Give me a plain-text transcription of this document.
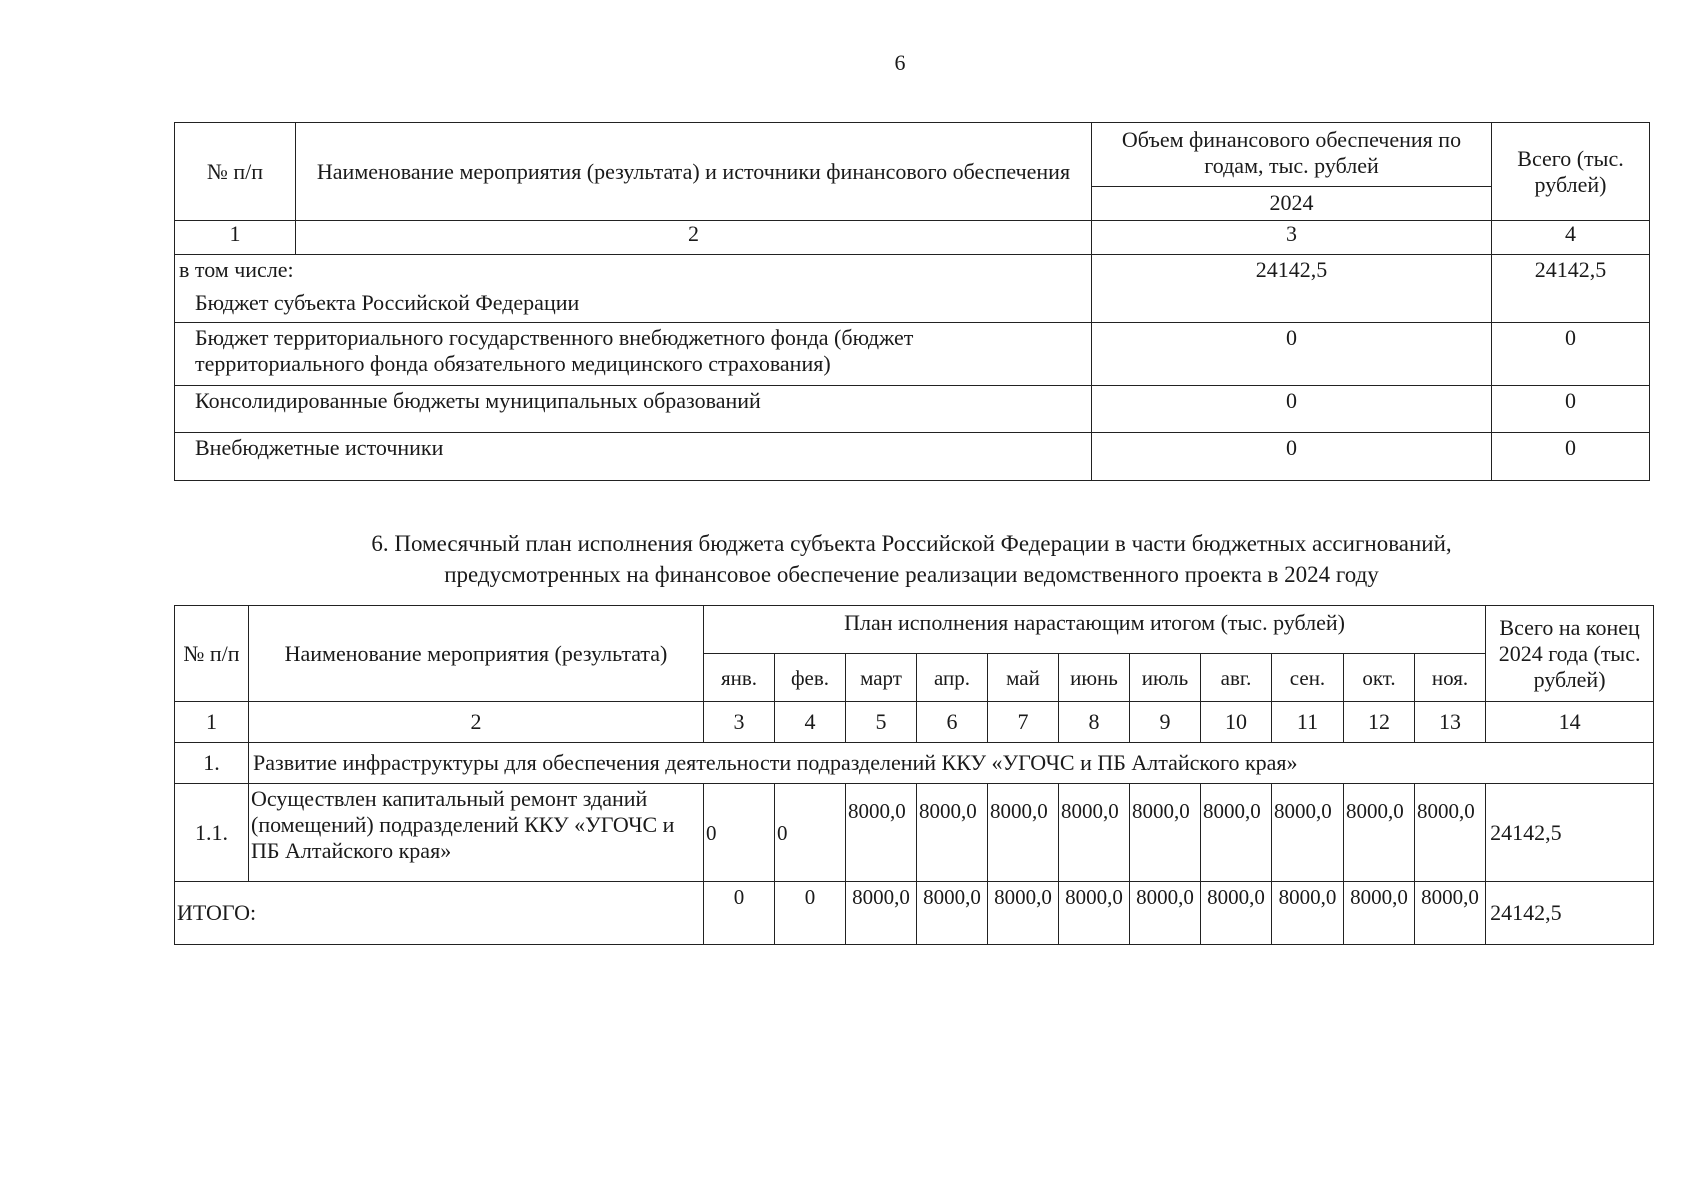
6
№ п/п	Наименование мероприятия (результата) и источники финансового обеспечения	Объем финансового обеспечения по годам, тыс. рублей	Всего (тыс. рублей)
		2024	
1	2	3	4

в том числе:
Бюджет субъекта Российской Федерации		24142,5	24142,5
Бюджет территориального государственного внебюджетного фонда (бюджет территориального фонда обязательного медицинского страхования)		0	0
Консолидированные бюджеты муниципальных образований		0	0
Внебюджетные источники		0	0
6. Помесячный план исполнения бюджета субъекта Российской Федерации в части бюджетных ассигнований,
предусмотренных на финансовое обеспечение реализации ведомственного проекта в 2024 году
№ п/п	Наименование мероприятия (результата)	План исполнения нарастающим итогом (тыс. рублей)											Всего на конец 2024 года (тыс. рублей)
		янв.	фев.	март	апр.	май	июнь	июль	авг.	сен.	окт.	ноя.	
1	2	3	4	5	6	7	8	9	10	11	12	13	14
1.	Развитие инфраструктуры для обеспечения деятельности подразделений ККУ «УГОЧС и ПБ Алтайского края»												
1.1.	Осуществлен капитальный ремонт зданий (помещений) подразделений ККУ «УГОЧС и ПБ Алтайского края»	0	0	8000,0	8000,0	8000,0	8000,0	8000,0	8000,0	8000,0	8000,0	8000,0	24142,5
ИТОГО:		0	0	8000,0	8000,0	8000,0	8000,0	8000,0	8000,0	8000,0	8000,0	8000,0	24142,5
